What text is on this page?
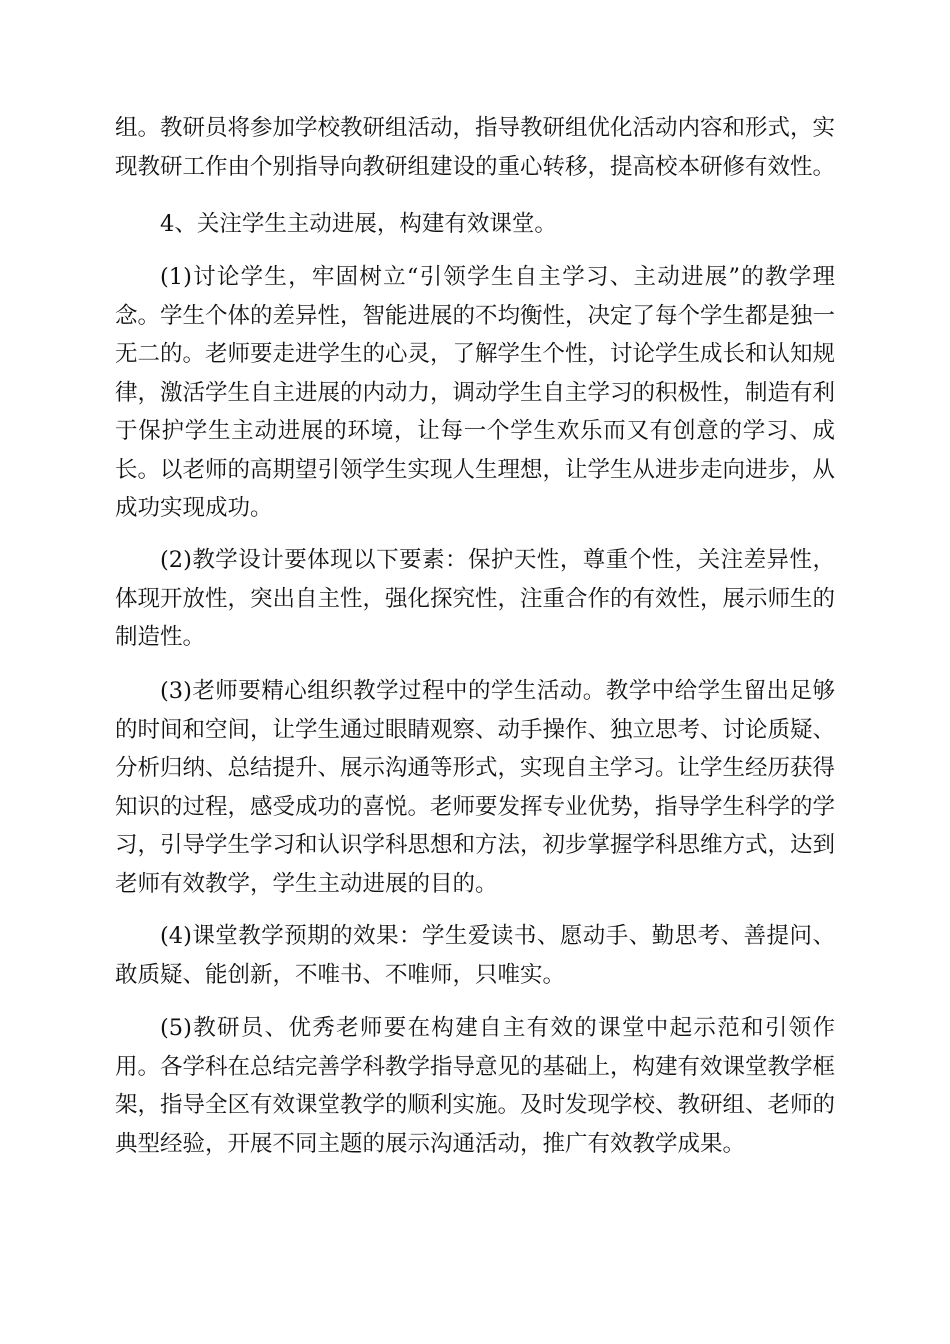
组。教研员将参加学校教研组活动，指导教研组优化活动内容和形式，实
现教研工作由个别指导向教研组建设的重心转移，提高校本研修有效性。
4、关注学生主动进展，构建有效课堂。
(1)讨论学生，牢固树立“引领学生自主学习、主动进展”的教学理
念。学生个体的差异性，智能进展的不均衡性，决定了每个学生都是独一
无二的。老师要走进学生的心灵，了解学生个性，讨论学生成长和认知规
律，激活学生自主进展的内动力，调动学生自主学习的积极性，制造有利
于保护学生主动进展的环境，让每一个学生欢乐而又有创意的学习、成
长。以老师的高期望引领学生实现人生理想，让学生从进步走向进步，从
成功实现成功。
(2)教学设计要体现以下要素：保护天性，尊重个性，关注差异性，
体现开放性，突出自主性，强化探究性，注重合作的有效性，展示师生的
制造性。
(3)老师要精心组织教学过程中的学生活动。教学中给学生留出足够
的时间和空间，让学生通过眼睛观察、动手操作、独立思考、讨论质疑、
分析归纳、总结提升、展示沟通等形式，实现自主学习。让学生经历获得
知识的过程，感受成功的喜悦。老师要发挥专业优势，指导学生科学的学
习，引导学生学习和认识学科思想和方法，初步掌握学科思维方式，达到
老师有效教学，学生主动进展的目的。
(4)课堂教学预期的效果：学生爱读书、愿动手、勤思考、善提问、
敢质疑、能创新，不唯书、不唯师，只唯实。
(5)教研员、优秀老师要在构建自主有效的课堂中起示范和引领作
用。各学科在总结完善学科教学指导意见的基础上，构建有效课堂教学框
架，指导全区有效课堂教学的顺利实施。及时发现学校、教研组、老师的
典型经验，开展不同主题的展示沟通活动，推广有效教学成果。
